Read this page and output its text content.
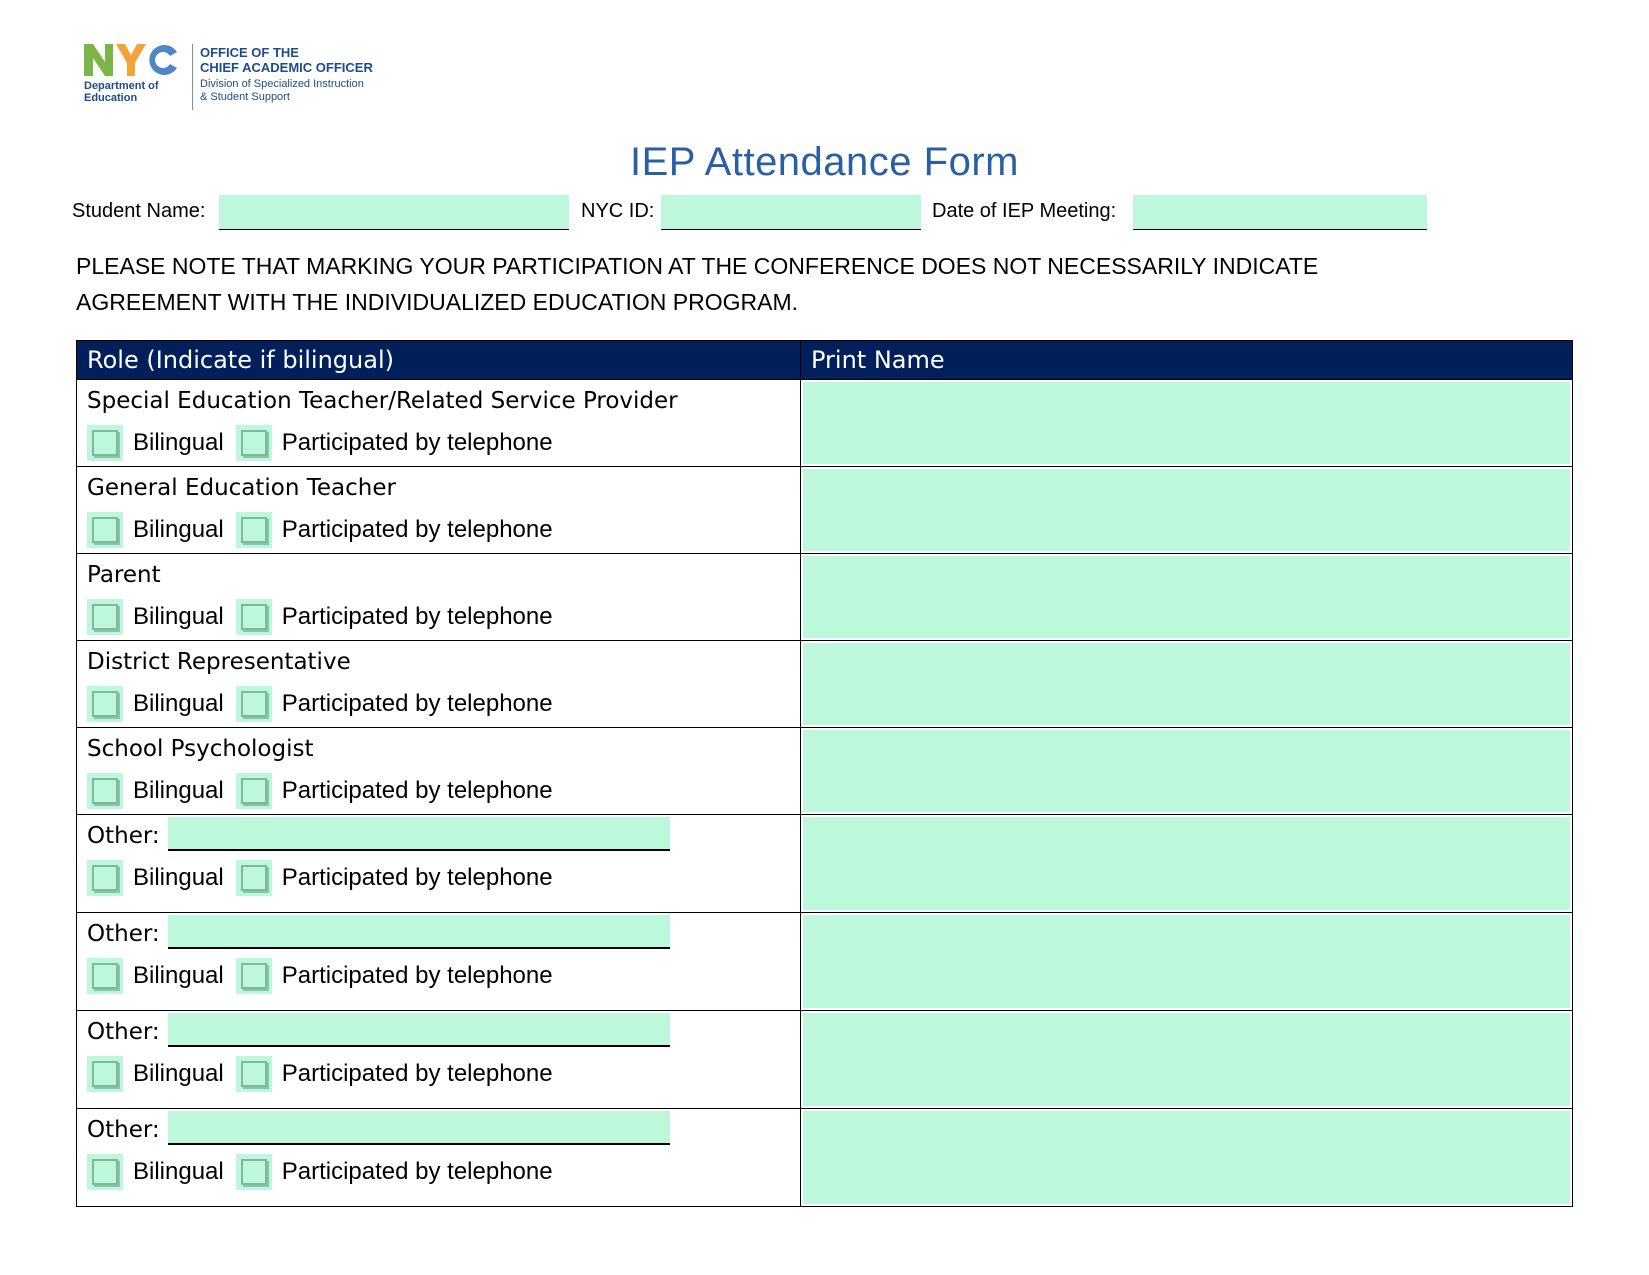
Department of
Education
OFFICE OF THE
CHIEF ACADEMIC OFFICER
Division of Specialized Instruction
& Student Support
IEP Attendance Form
Student Name:	NYC ID:	Date of IEP Meeting:
PLEASE NOTE THAT MARKING YOUR PARTICIPATION AT THE CONFERENCE DOES NOT NECESSARILY INDICATE
AGREEMENT WITH THE INDIVIDUALIZED EDUCATION PROGRAM.
Role (Indicate if bilingual)	Print Name

Special Education Teacher/Related Service Provider
Bilingual Participated by telephone	

General Education Teacher
Bilingual Participated by telephone	

Parent
Bilingual Participated by telephone	

District Representative
Bilingual Participated by telephone	

School Psychologist
Bilingual Participated by telephone	

Other:
Bilingual Participated by telephone	

Other:
Bilingual Participated by telephone	

Other:
Bilingual Participated by telephone	

Other:
Bilingual Participated by telephone	
